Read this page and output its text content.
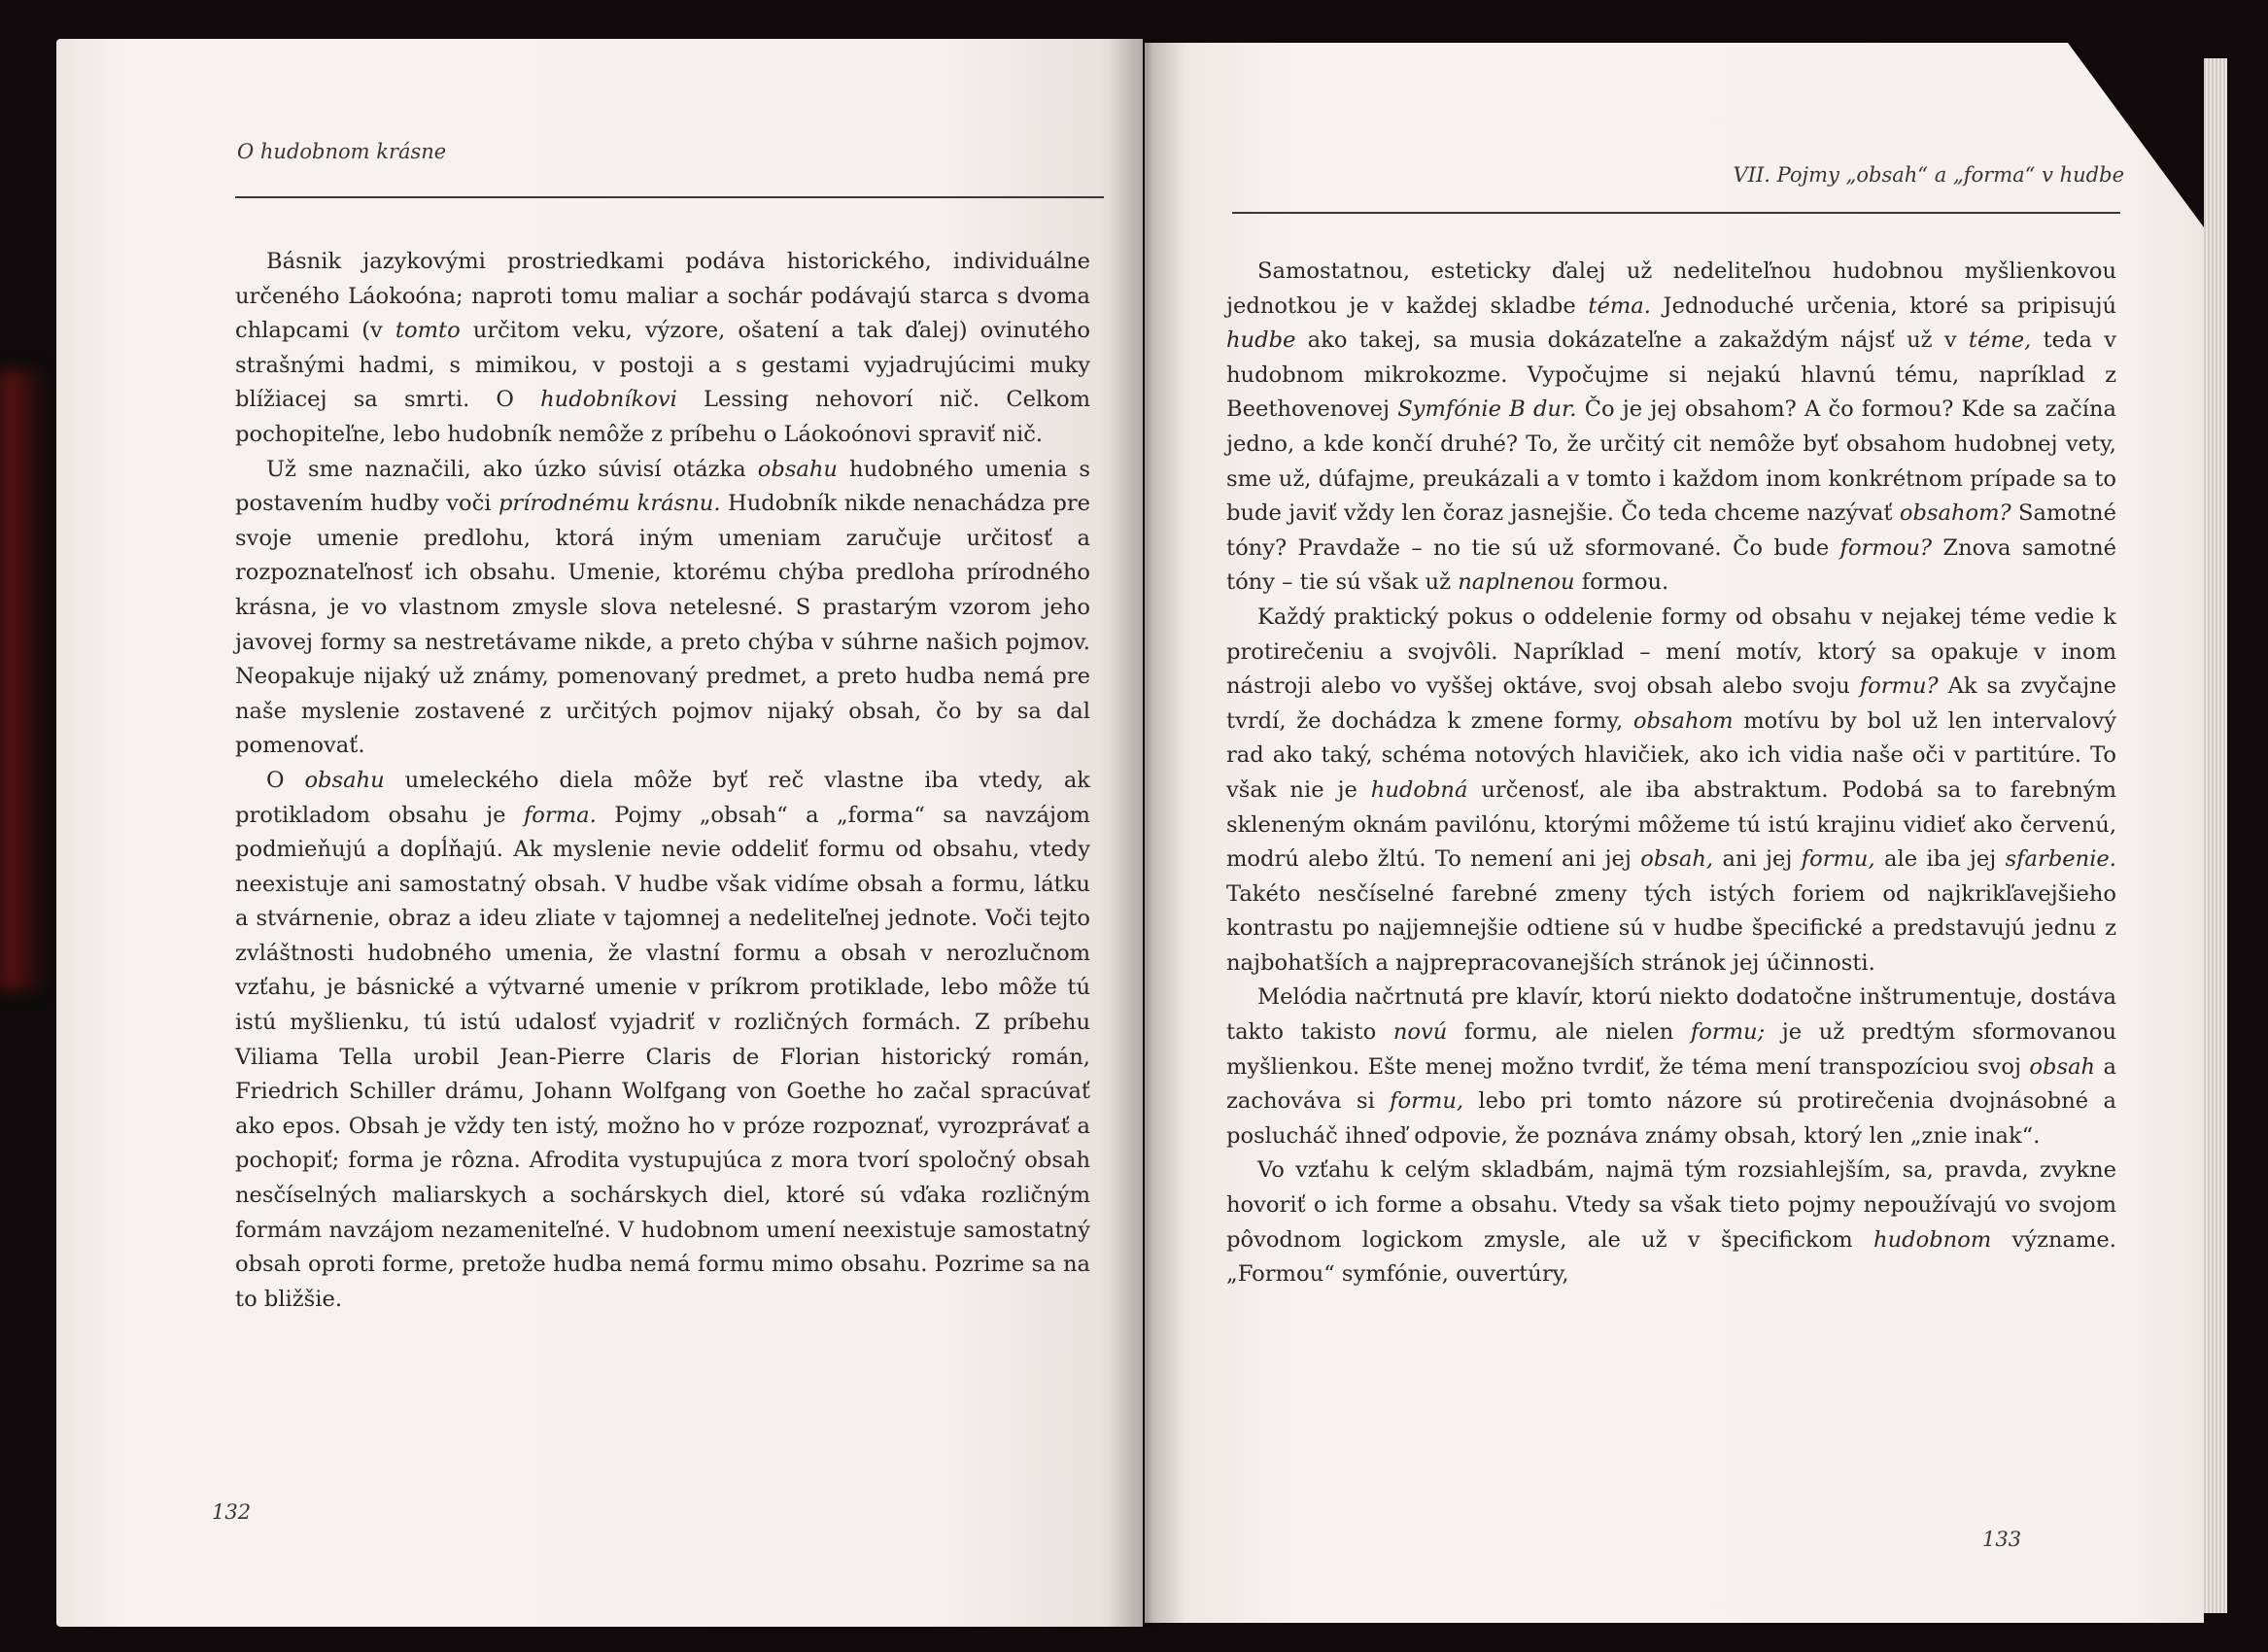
O hudobnom krásne

Básnik jazykovými prostriedkami podáva historického, individuálne určeného Láokoóna; naproti tomu maliar a sochár podávajú starca s dvoma chlapcami (v tomto určitom veku, výzore, ošatení a tak ďalej) ovinutého strašnými hadmi, s mimikou, v postoji a s gestami vyjadrujúcimi muky blížiacej sa smrti. O hudobníkovi Lessing nehovorí nič. Celkom pochopiteľne, lebo hudobník nemôže z príbehu o Láokoónovi spraviť nič.

Už sme naznačili, ako úzko súvisí otázka obsahu hudobného umenia s postavením hudby voči prírodnému krásnu. Hudobník nikde nenachádza pre svoje umenie predlohu, ktorá iným umeniam zaručuje určitosť a rozpoznateľnosť ich obsahu. Umenie, ktorému chýba predloha prírodného krásna, je vo vlastnom zmysle slova netelesné. S prastarým vzorom jeho javovej formy sa nestretávame nikde, a preto chýba v súhrne našich pojmov. Neopakuje nijaký už známy, pomenovaný predmet, a preto hudba nemá pre naše myslenie zostavené z určitých pojmov nijaký obsah, čo by sa dal pomenovať.

O obsahu umeleckého diela môže byť reč vlastne iba vtedy, ak protikladom obsahu je forma. Pojmy „obsah“ a „forma“ sa navzájom podmieňujú a dopĺňajú. Ak myslenie nevie oddeliť formu od obsahu, vtedy neexistuje ani samostatný obsah. V hudbe však vidíme obsah a formu, látku a stvárnenie, obraz a ideu zliate v tajomnej a nedeliteľnej jednote. Voči tejto zvláštnosti hudobného umenia, že vlastní formu a obsah v nerozlučnom vzťahu, je básnické a výtvarné umenie v príkrom protiklade, lebo môže tú istú myšlienku, tú istú udalosť vyjadriť v rozličných formách. Z príbehu Viliama Tella urobil Jean-Pierre Claris de Florian historický román, Friedrich Schiller drámu, Johann Wolfgang von Goethe ho začal spracúvať ako epos. Obsah je vždy ten istý, možno ho v próze rozpoznať, vyrozprávať a pochopiť; forma je rôzna. Afrodita vystupujúca z mora tvorí spoločný obsah nesčíselných maliarskych a sochárskych diel, ktoré sú vďaka rozličným formám navzájom nezameniteľné. V hudobnom umení neexistuje samostatný obsah oproti forme, pretože hudba nemá formu mimo obsahu. Pozrime sa na to bližšie.

132
VII. Pojmy „obsah“ a „forma“ v hudbe

Samostatnou, esteticky ďalej už nedeliteľnou hudobnou myšlienkovou jednotkou je v každej skladbe téma. Jednoduché určenia, ktoré sa pripisujú hudbe ako takej, sa musia dokázateľne a zakaždým nájsť už v téme, teda v hudobnom mikrokozme. Vypočujme si nejakú hlavnú tému, napríklad z Beethovenovej Symfónie B dur. Čo je jej obsahom? A čo formou? Kde sa začína jedno, a kde končí druhé? To, že určitý cit nemôže byť obsahom hudobnej vety, sme už, dúfajme, preukázali a v tomto i každom inom konkrétnom prípade sa to bude javiť vždy len čoraz jasnejšie. Čo teda chceme nazývať obsahom? Samotné tóny? Pravdaže – no tie sú už sformované. Čo bude formou? Znova samotné tóny – tie sú však už naplnenou formou.

Každý praktický pokus o oddelenie formy od obsahu v nejakej téme vedie k protirečeniu a svojvôli. Napríklad – mení motív, ktorý sa opakuje v inom nástroji alebo vo vyššej oktáve, svoj obsah alebo svoju formu? Ak sa zvyčajne tvrdí, že dochádza k zmene formy, obsahom motívu by bol už len intervalový rad ako taký, schéma notových hlavičiek, ako ich vidia naše oči v partitúre. To však nie je hudobná určenosť, ale iba abstraktum. Podobá sa to farebným skleneným oknám pavilónu, ktorými môžeme tú istú krajinu vidieť ako červenú, modrú alebo žltú. To nemení ani jej obsah, ani jej formu, ale iba jej sfarbenie. Takéto nesčíselné farebné zmeny tých istých foriem od najkrikľavejšieho kontrastu po najjemnejšie odtiene sú v hudbe špecifické a predstavujú jednu z najbohatších a najprepracovanejších stránok jej účinnosti.

Melódia načrtnutá pre klavír, ktorú niekto dodatočne inštrumentuje, dostáva takto takisto novú formu, ale nielen formu; je už predtým sformovanou myšlienkou. Ešte menej možno tvrdiť, že téma mení transpozíciou svoj obsah a zachováva si formu, lebo pri tomto názore sú protirečenia dvojnásobné a poslucháč ihneď odpovie, že poznáva známy obsah, ktorý len „znie inak“.

Vo vzťahu k celým skladbám, najmä tým rozsiahlejším, sa, pravda, zvykne hovoriť o ich forme a obsahu. Vtedy sa však tieto pojmy nepoužívajú vo svojom pôvodnom logickom zmysle, ale už v špecifickom hudobnom význame. „Formou“ symfónie, ouvertúry,

133
